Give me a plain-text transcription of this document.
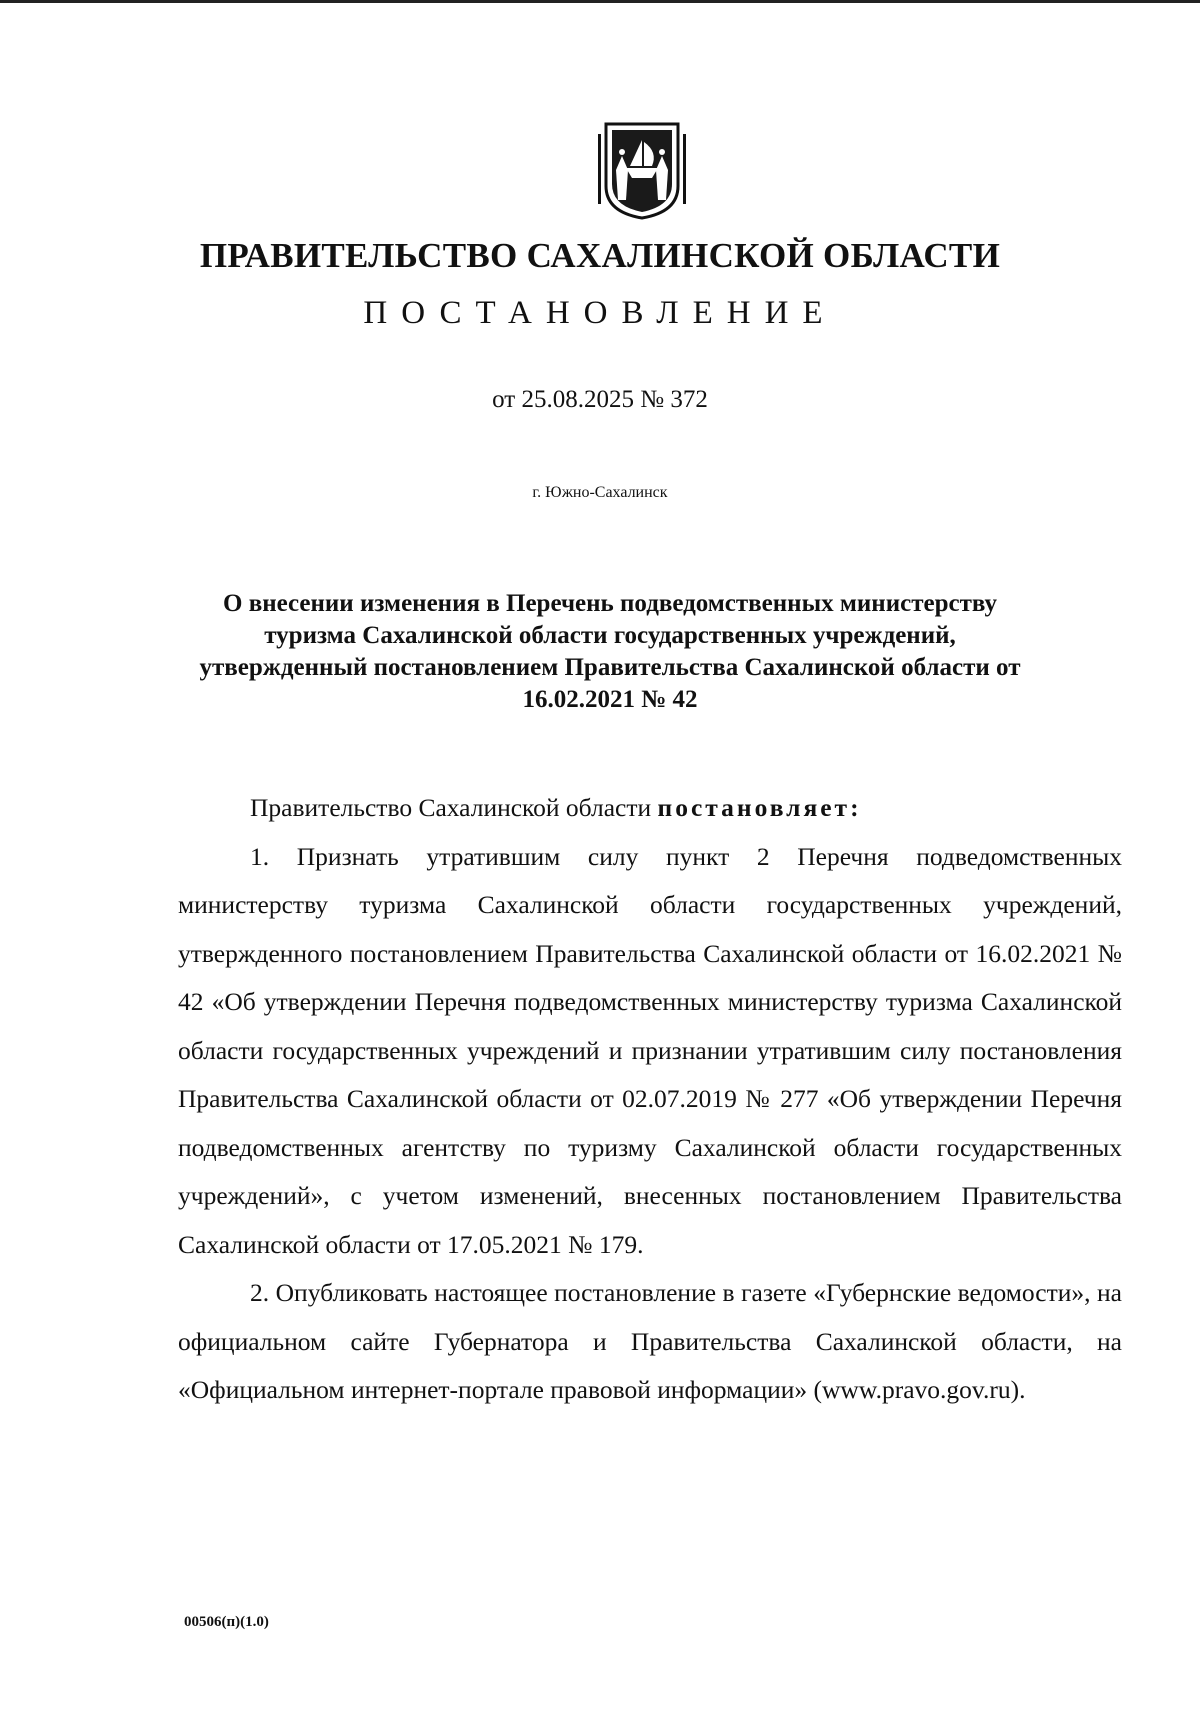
ПРАВИТЕЛЬСТВО САХАЛИНСКОЙ ОБЛАСТИ
ПОСТАНОВЛЕНИЕ
от 25.08.2025 № 372
г. Южно-Сахалинск
О внесении изменения в Перечень подведомственных министерству
туризма Сахалинской области государственных учреждений,
утвержденный постановлением Правительства Сахалинской области от
16.02.2021 № 42

Правительство Сахалинской области постановляет:

1. Признать утратившим силу пункт 2 Перечня подведомственных министерству туризма Сахалинской области государственных учреждений, утвержденного постановлением Правительства Сахалинской области от 16.02.2021 № 42 «Об утверждении Перечня подведомственных министерству туризма Сахалинской области государственных учреждений и признании утратившим силу постановления Правительства Сахалинской области от 02.07.2019 № 277 «Об утверждении Перечня подведомственных агентству по туризму Сахалинской области государственных учреждений», с учетом изменений, внесенных постановлением Правительства Сахалинской области от 17.05.2021 № 179.

2. Опубликовать настоящее постановление в газете «Губернские ведомости», на официальном сайте Губернатора и Правительства Сахалинской области, на «Официальном интернет-портале правовой информации» (www.pravo.gov.ru).

00506(п)(1.0)
